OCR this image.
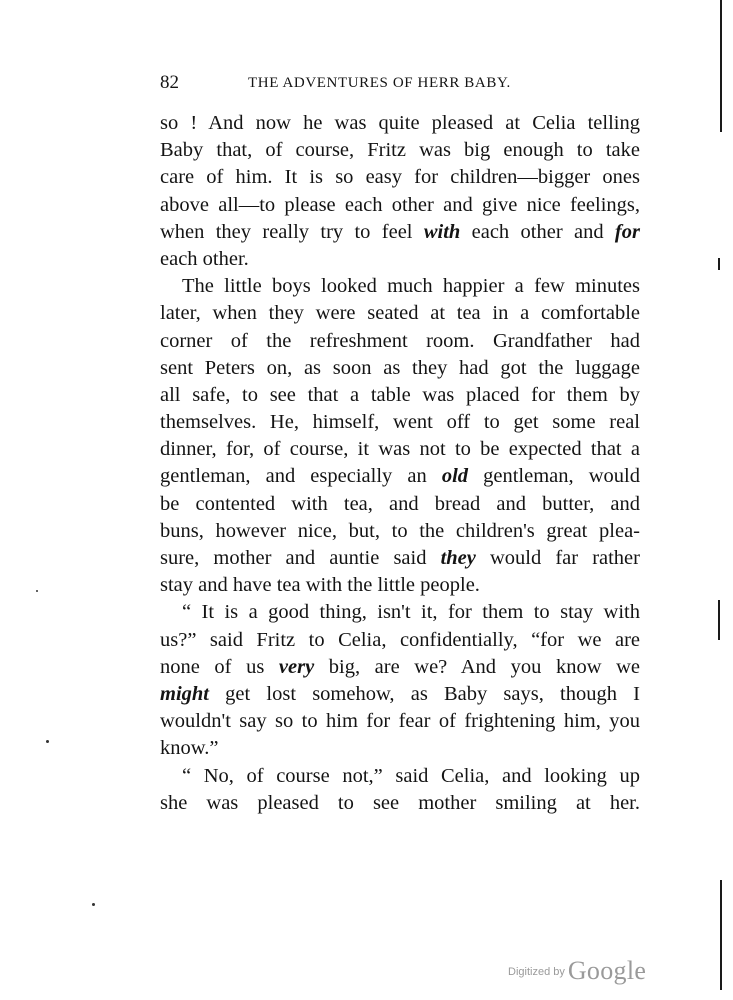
82	THE ADVENTURES OF HERR BABY.
so ! And now he was quite pleased at Celia telling
Baby that, of course, Fritz was big enough to take
care of him. It is so easy for children—bigger ones
above all—to please each other and give nice feelings,
when they really try to feel with each other and for
each other.
The little boys looked much happier a few minutes
later, when they were seated at tea in a comfortable
corner of the refreshment room. Grandfather had
sent Peters on, as soon as they had got the luggage
all safe, to see that a table was placed for them by
themselves. He, himself, went off to get some real
dinner, for, of course, it was not to be expected that a
gentleman, and especially an old gentleman, would
be contented with tea, and bread and butter, and
buns, however nice, but, to the children's great plea-
sure, mother and auntie said they would far rather
stay and have tea with the little people.
“ It is a good thing, isn't it, for them to stay with
us?” said Fritz to Celia, confidentially, “for we are
none of us very big, are we? And you know we
might get lost somehow, as Baby says, though I
wouldn't say so to him for fear of frightening him, you
know.”
“ No, of course not,” said Celia, and looking up
she was pleased to see mother smiling at her.
$^{Digitized by}$ Google
